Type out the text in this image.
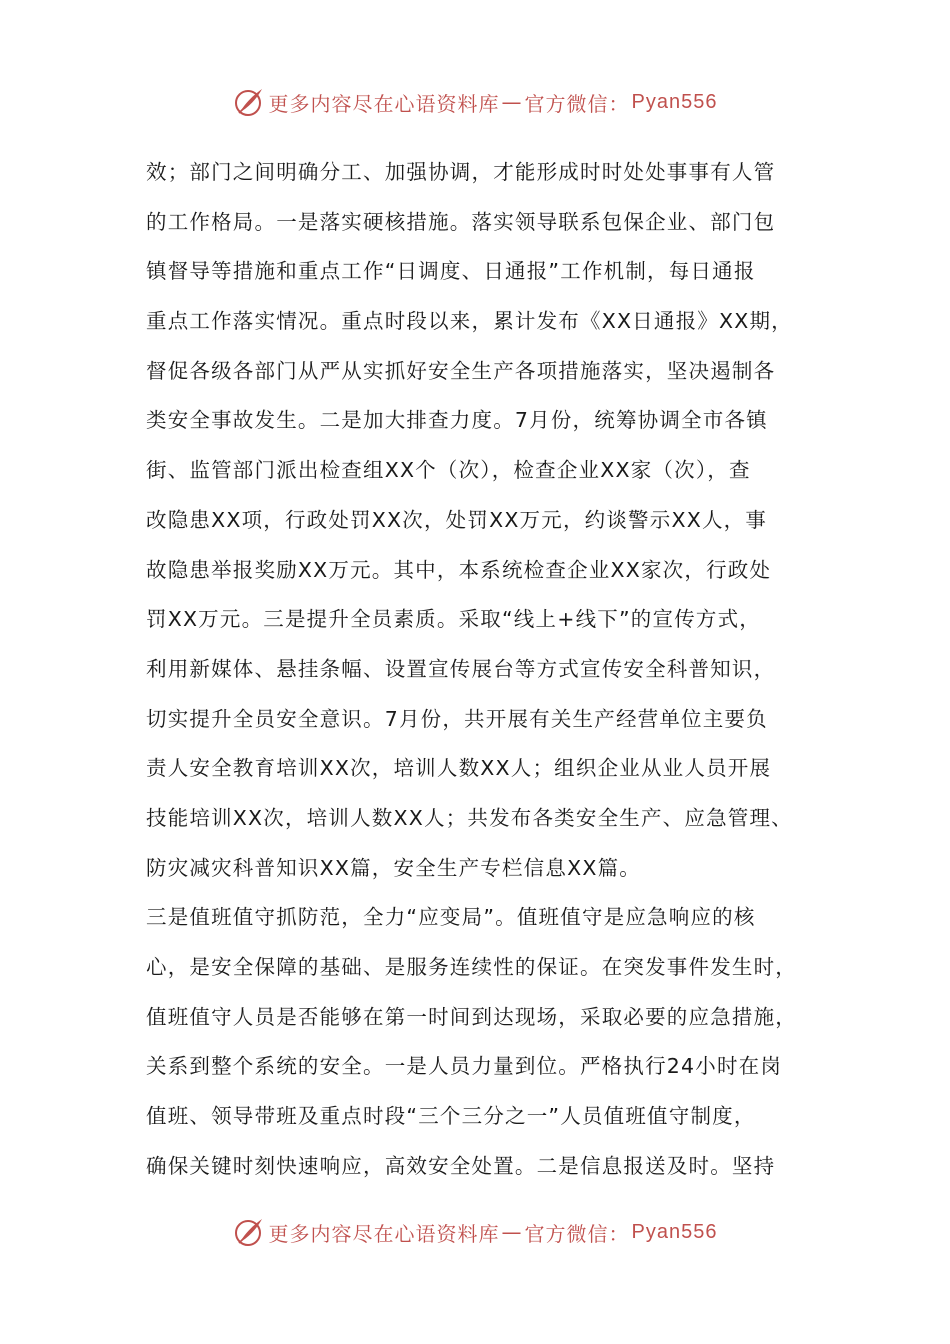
更多内容尽在心语资料库 — 官方微信： Pyan556
效；部门之间明确分工、加强协调，才能形成时时处处事事有人管
的工作格局。一是落实硬核措施。落实领导联系包保企业、部门包
镇督导等措施和重点工作“日调度、日通报”工作机制，每日通报
重点工作落实情况。重点时段以来，累计发布《XX日通报》XX期，
督促各级各部门从严从实抓好安全生产各项措施落实，坚决遏制各
类安全事故发生。二是加大排查力度。7月份，统筹协调全市各镇
街、监管部门派出检查组XX个（次），检查企业XX家（次），查
改隐患XX项，行政处罚XX次，处罚XX万元，约谈警示XX人，事
故隐患举报奖励XX万元。其中，本系统检查企业XX家次，行政处
罚XX万元。三是提升全员素质。采取“线上+线下”的宣传方式，
利用新媒体、悬挂条幅、设置宣传展台等方式宣传安全科普知识，
切实提升全员安全意识。7月份，共开展有关生产经营单位主要负
责人安全教育培训XX次，培训人数XX人；组织企业从业人员开展
技能培训XX次，培训人数XX人；共发布各类安全生产、应急管理、
防灾减灾科普知识XX篇，安全生产专栏信息XX篇。
三是值班值守抓防范，全力“应变局”。值班值守是应急响应的核
心，是安全保障的基础、是服务连续性的保证。在突发事件发生时，
值班值守人员是否能够在第一时间到达现场，采取必要的应急措施，
关系到整个系统的安全。一是人员力量到位。严格执行24小时在岗
值班、领导带班及重点时段“三个三分之一”人员值班值守制度，
确保关键时刻快速响应，高效安全处置。二是信息报送及时。坚持
更多内容尽在心语资料库 — 官方微信： Pyan556
